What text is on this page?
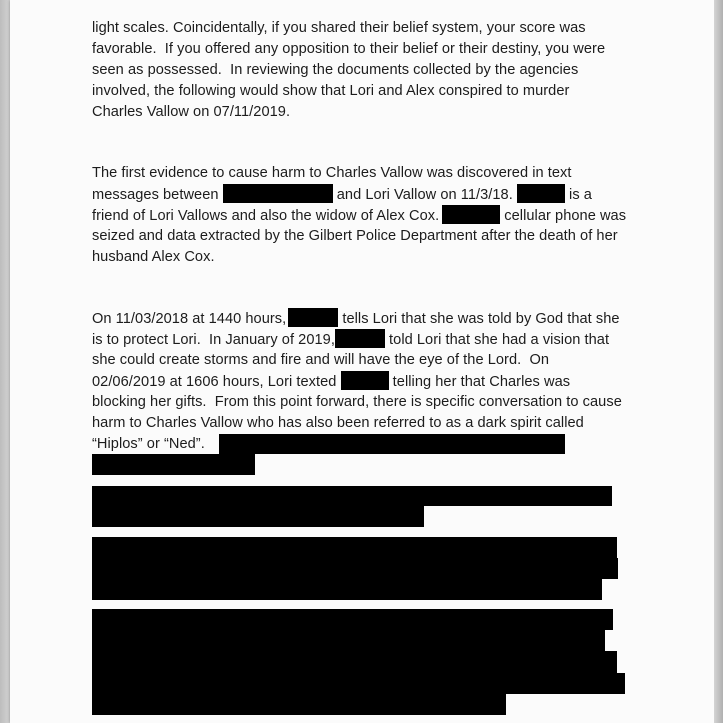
light scales. Coincidentally, if you shared their belief system, your score was
favorable.  If you offered any opposition to their belief or their destiny, you were
seen as possessed.  In reviewing the documents collected by the agencies
involved, the following would show that Lori and Alex conspired to murder
Charles Vallow on 07/11/2019.
The first evidence to cause harm to Charles Vallow was discovered in text
messages between	and Lori Vallow on 11/3/18.	is a
friend of Lori Vallows and also the widow of Alex Cox.	cellular phone was
seized and data extracted by the Gilbert Police Department after the death of her
husband Alex Cox.
On 11/03/2018 at 1440 hours,	tells Lori that she was told by God that she
is to protect Lori.  In January of 2019,	told Lori that she had a vision that
she could create storms and fire and will have the eye of the Lord.  On
02/06/2019 at 1606 hours, Lori texted	telling her that Charles was
blocking her gifts.  From this point forward, there is specific conversation to cause
harm to Charles Vallow who has also been referred to as a dark spirit called
“Hiplos” or “Ned”.
